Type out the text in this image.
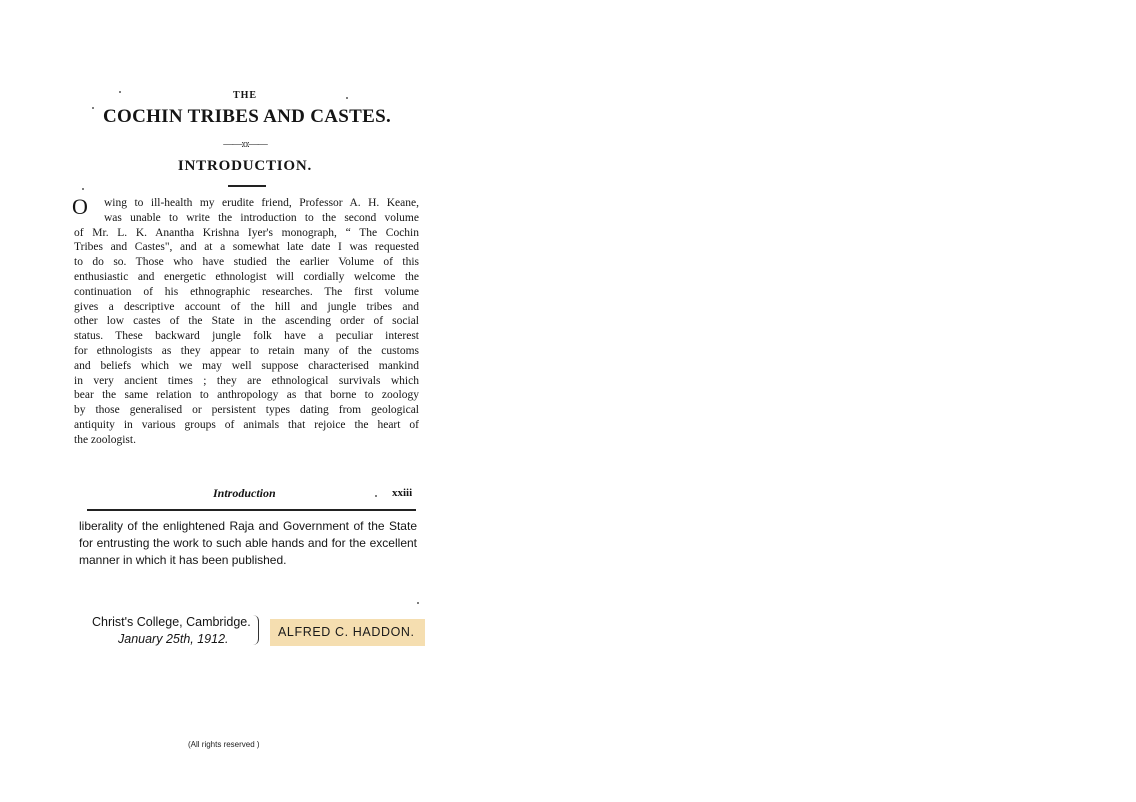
THE
COCHIN TRIBES AND CASTES.
——:o:——
INTRODUCTION.
O	wing to ill-health my erudite friend, Professor A. H. Keane,
was unable to write the introduction to the second volume
of Mr. L. K. Anantha Krishna Iyer's monograph, “ The Cochin
Tribes and Castes", and at a somewhat late date I was requested
to do so. Those who have studied the earlier Volume of this
enthusiastic and energetic ethnologist will cordially welcome the
continuation of his ethnographic researches. The first volume
gives a descriptive account of the hill and jungle tribes and
other low castes of the State in the ascending order of social
status. These backward jungle folk have a peculiar interest
for ethnologists as they appear to retain many of the customs
and beliefs which we may well suppose characterised mankind
in very ancient times ; they are ethnological survivals which
bear the same relation to anthropology as that borne to zoology
by those generalised or persistent types dating from geological
antiquity in various groups of animals that rejoice the heart of
the zoologist.
Introduction	xxiii
liberality of the enlightened Raja and Government of the State
for entrusting the work to such able hands and for the excellent
manner in which it has been published.
Christ's College, Cambridge.
January 25th, 1912.	ALFRED C. HADDON.
(All rights reserved )
